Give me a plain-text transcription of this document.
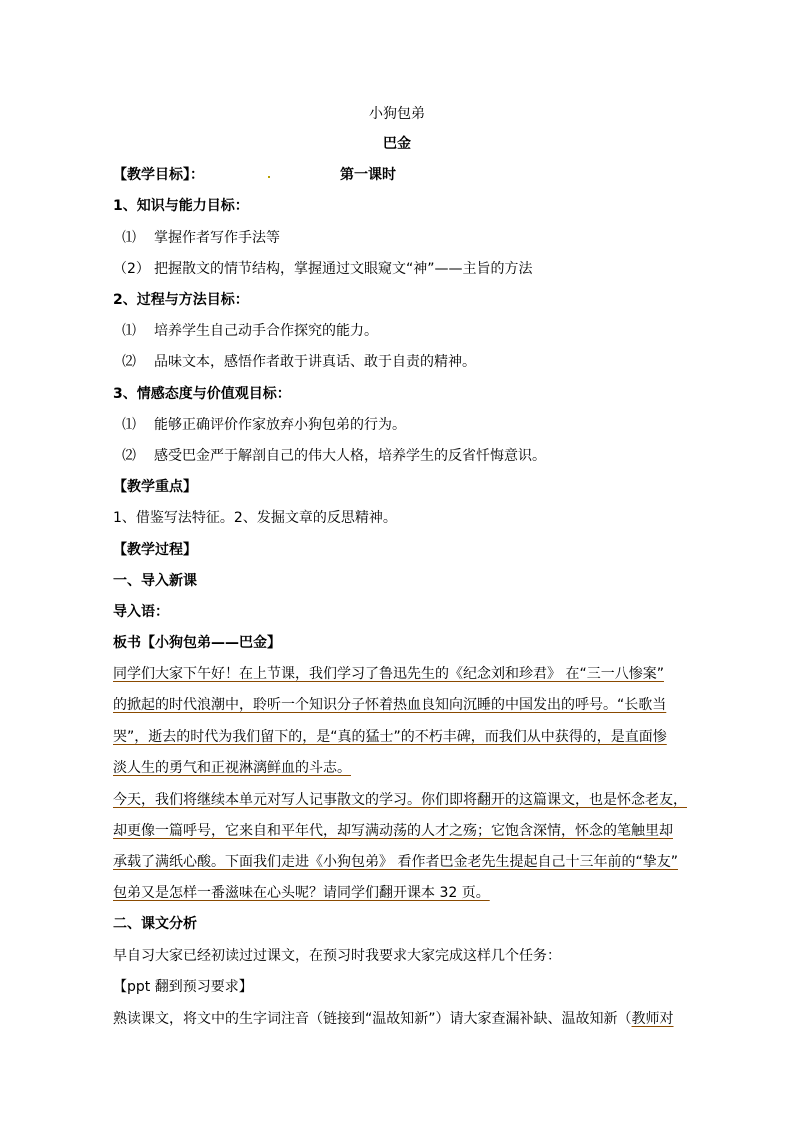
小狗包弟
巴金
【教学目标】：	第一课时
1、知识与能力目标：
⑴ 掌握作者写作手法等
（2） 把握散文的情节结构，掌握通过文眼窥文“神”——主旨的方法
2、过程与方法目标：
⑴ 培养学生自己动手合作探究的能力。
⑵ 品味文本，感悟作者敢于讲真话、敢于自责的精神。
3、情感态度与价值观目标：
⑴ 能够正确评价作家放弃小狗包弟的行为。
⑵ 感受巴金严于解剖自己的伟大人格，培养学生的反省忏悔意识。
【教学重点】
1、借鉴写法特征。2、发掘文章的反思精神。
【教学过程】
一、导入新课
导入语：
板书【小狗包弟——巴金】
同学们大家下午好！在上节课，我们学习了鲁迅先生的《纪念刘和珍君》 在“三一八惨案”
的掀起的时代浪潮中，聆听一个知识分子怀着热血良知向沉睡的中国发出的呼号。“长歌当
哭”，逝去的时代为我们留下的，是“真的猛士”的不朽丰碑，而我们从中获得的，是直面惨
淡人生的勇气和正视淋漓鲜血的斗志。
今天，我们将继续本单元对写人记事散文的学习。你们即将翻开的这篇课文，也是怀念老友，
却更像一篇呼号，它来自和平年代，却写满动荡的人才之殇；它饱含深情，怀念的笔触里却
承载了满纸心酸。下面我们走进《小狗包弟》 看作者巴金老先生提起自己十三年前的“挚友”
包弟又是怎样一番滋味在心头呢？请同学们翻开课本 32 页。
二、课文分析
早自习大家已经初读过过课文，在预习时我要求大家完成这样几个任务：
【ppt 翻到预习要求】
熟读课文，将文中的生字词注音（链接到“温故知新”）请大家查漏补缺、温故知新（教师对
